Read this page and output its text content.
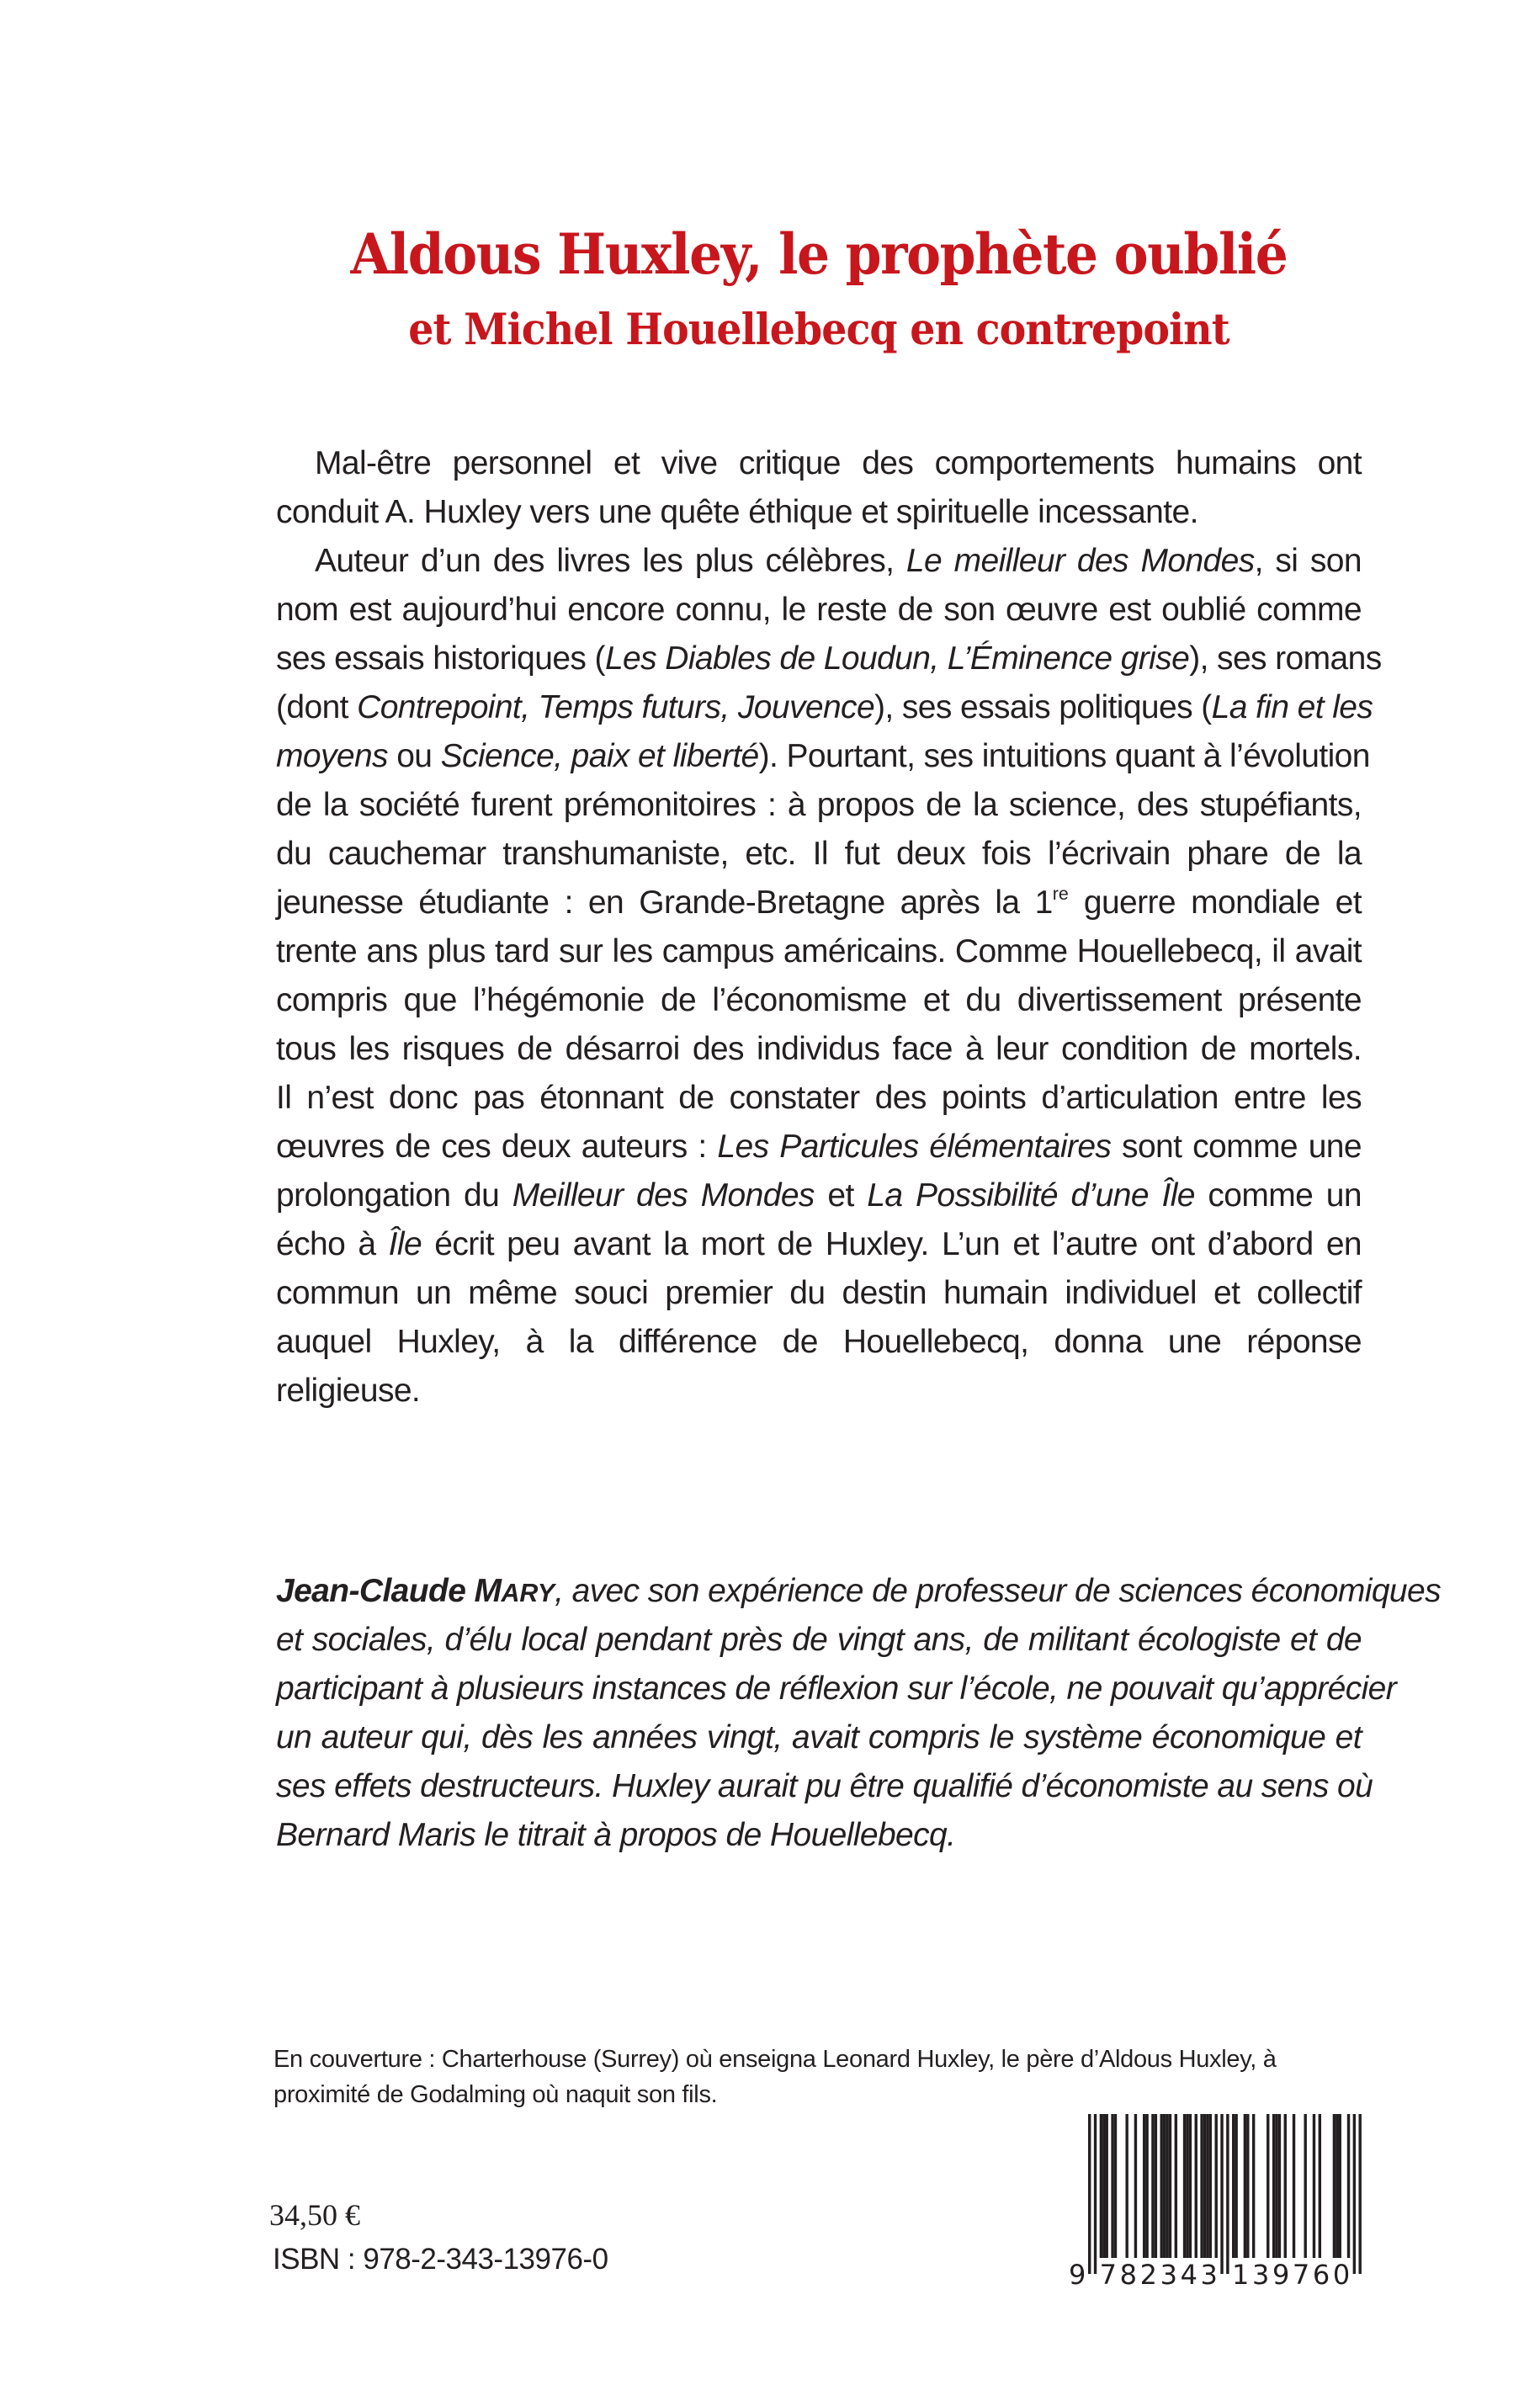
Aldous Huxley, le prophète oublié
et Michel Houellebecq en contrepoint
Mal-être personnel et vive critique des comportements humains ont
conduit A. Huxley vers une quête éthique et spirituelle incessante.
Auteur d’un des livres les plus célèbres, Le meilleur des Mondes, si son
nom est aujourd’hui encore connu, le reste de son œuvre est oublié comme
ses essais historiques (Les Diables de Loudun, L’Éminence grise), ses romans
(dont Contrepoint, Temps futurs, Jouvence), ses essais politiques (La fin et les
moyens ou Science, paix et liberté). Pourtant, ses intuitions quant à l’évolution
de la société furent prémonitoires : à propos de la science, des stupéfiants,
du cauchemar transhumaniste, etc. Il fut deux fois l’écrivain phare de la
jeunesse étudiante : en Grande-Bretagne après la 1re guerre mondiale et
trente ans plus tard sur les campus américains. Comme Houellebecq, il avait
compris que l’hégémonie de l’économisme et du divertissement présente
tous les risques de désarroi des individus face à leur condition de mortels.
Il n’est donc pas étonnant de constater des points d’articulation entre les
œuvres de ces deux auteurs : Les Particules élémentaires sont comme une
prolongation du Meilleur des Mondes et La Possibilité d’une Île comme un
écho à Île écrit peu avant la mort de Huxley. L’un et l’autre ont d’abord en
commun un même souci premier du destin humain individuel et collectif
auquel Huxley, à la différence de Houellebecq, donna une réponse
religieuse.
Jean-Claude MARY, avec son expérience de professeur de sciences économiques
et sociales, d’élu local pendant près de vingt ans, de militant écologiste et de
participant à plusieurs instances de réflexion sur l’école, ne pouvait qu’apprécier
un auteur qui, dès les années vingt, avait compris le système économique et
ses effets destructeurs. Huxley aurait pu être qualifié d’économiste au sens où
Bernard Maris le titrait à propos de Houellebecq.
En couverture : Charterhouse (Surrey) où enseigna Leonard Huxley, le père d’Aldous Huxley, à
proximité de Godalming où naquit son fils.
34,50 €
ISBN : 978-2-343-13976-0	9 782343 139760
